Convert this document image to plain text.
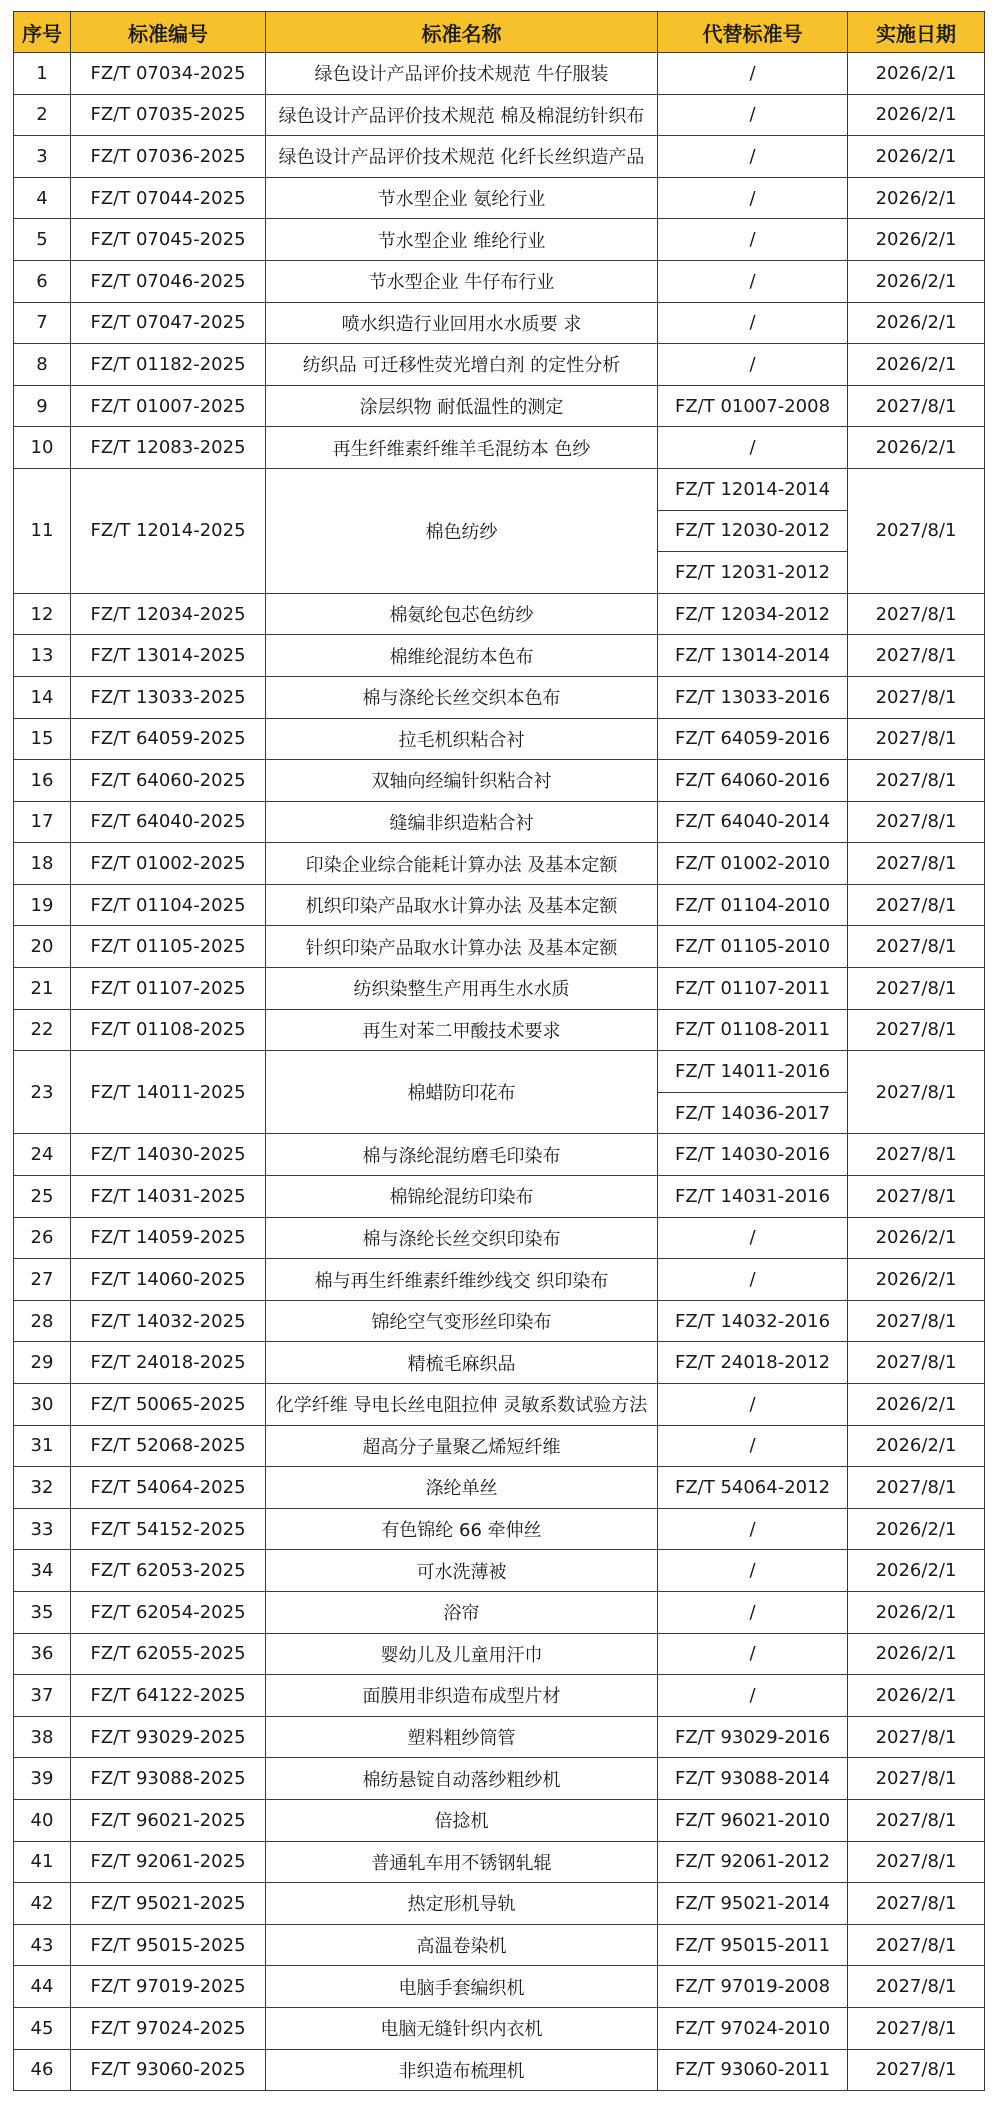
序号	标准编号	标准名称	代替标准号	实施日期
1	FZ/T 07034-2025	绿色设计产品评价技术规范 牛仔服装	/	2026/2/1
2	FZ/T 07035-2025	绿色设计产品评价技术规范 棉及棉混纺针织布	/	2026/2/1
3	FZ/T 07036-2025	绿色设计产品评价技术规范 化纤长丝织造产品	/	2026/2/1
4	FZ/T 07044-2025	节水型企业 氨纶行业	/	2026/2/1
5	FZ/T 07045-2025	节水型企业 维纶行业	/	2026/2/1
6	FZ/T 07046-2025	节水型企业 牛仔布行业	/	2026/2/1
7	FZ/T 07047-2025	喷水织造行业回用水水质要 求	/	2026/2/1
8	FZ/T 01182-2025	纺织品 可迁移性荧光增白剂 的定性分析	/	2026/2/1
9	FZ/T 01007-2025	涂层织物 耐低温性的测定	FZ/T 01007-2008	2027/8/1
10	FZ/T 12083-2025	再生纤维素纤维羊毛混纺本 色纱	/	2026/2/1
11	FZ/T 12014-2025	棉色纺纱	FZ/T 12014-2014	2027/8/1
			FZ/T 12030-2012	
			FZ/T 12031-2012	
12	FZ/T 12034-2025	棉氨纶包芯色纺纱	FZ/T 12034-2012	2027/8/1
13	FZ/T 13014-2025	棉维纶混纺本色布	FZ/T 13014-2014	2027/8/1
14	FZ/T 13033-2025	棉与涤纶长丝交织本色布	FZ/T 13033-2016	2027/8/1
15	FZ/T 64059-2025	拉毛机织粘合衬	FZ/T 64059-2016	2027/8/1
16	FZ/T 64060-2025	双轴向经编针织粘合衬	FZ/T 64060-2016	2027/8/1
17	FZ/T 64040-2025	缝编非织造粘合衬	FZ/T 64040-2014	2027/8/1
18	FZ/T 01002-2025	印染企业综合能耗计算办法 及基本定额	FZ/T 01002-2010	2027/8/1
19	FZ/T 01104-2025	机织印染产品取水计算办法 及基本定额	FZ/T 01104-2010	2027/8/1
20	FZ/T 01105-2025	针织印染产品取水计算办法 及基本定额	FZ/T 01105-2010	2027/8/1
21	FZ/T 01107-2025	纺织染整生产用再生水水质	FZ/T 01107-2011	2027/8/1
22	FZ/T 01108-2025	再生对苯二甲酸技术要求	FZ/T 01108-2011	2027/8/1
23	FZ/T 14011-2025	棉蜡防印花布	FZ/T 14011-2016	2027/8/1
			FZ/T 14036-2017	
24	FZ/T 14030-2025	棉与涤纶混纺磨毛印染布	FZ/T 14030-2016	2027/8/1
25	FZ/T 14031-2025	棉锦纶混纺印染布	FZ/T 14031-2016	2027/8/1
26	FZ/T 14059-2025	棉与涤纶长丝交织印染布	/	2026/2/1
27	FZ/T 14060-2025	棉与再生纤维素纤维纱线交 织印染布	/	2026/2/1
28	FZ/T 14032-2025	锦纶空气变形丝印染布	FZ/T 14032-2016	2027/8/1
29	FZ/T 24018-2025	精梳毛麻织品	FZ/T 24018-2012	2027/8/1
30	FZ/T 50065-2025	化学纤维 导电长丝电阻拉伸 灵敏系数试验方法	/	2026/2/1
31	FZ/T 52068-2025	超高分子量聚乙烯短纤维	/	2026/2/1
32	FZ/T 54064-2025	涤纶单丝	FZ/T 54064-2012	2027/8/1
33	FZ/T 54152-2025	有色锦纶 66 牵伸丝	/	2026/2/1
34	FZ/T 62053-2025	可水洗薄被	/	2026/2/1
35	FZ/T 62054-2025	浴帘	/	2026/2/1
36	FZ/T 62055-2025	婴幼儿及儿童用汗巾	/	2026/2/1
37	FZ/T 64122-2025	面膜用非织造布成型片材	/	2026/2/1
38	FZ/T 93029-2025	塑料粗纱筒管	FZ/T 93029-2016	2027/8/1
39	FZ/T 93088-2025	棉纺悬锭自动落纱粗纱机	FZ/T 93088-2014	2027/8/1
40	FZ/T 96021-2025	倍捻机	FZ/T 96021-2010	2027/8/1
41	FZ/T 92061-2025	普通轧车用不锈钢轧辊	FZ/T 92061-2012	2027/8/1
42	FZ/T 95021-2025	热定形机导轨	FZ/T 95021-2014	2027/8/1
43	FZ/T 95015-2025	高温卷染机	FZ/T 95015-2011	2027/8/1
44	FZ/T 97019-2025	电脑手套编织机	FZ/T 97019-2008	2027/8/1
45	FZ/T 97024-2025	电脑无缝针织内衣机	FZ/T 97024-2010	2027/8/1
46	FZ/T 93060-2025	非织造布梳理机	FZ/T 93060-2011	2027/8/1
